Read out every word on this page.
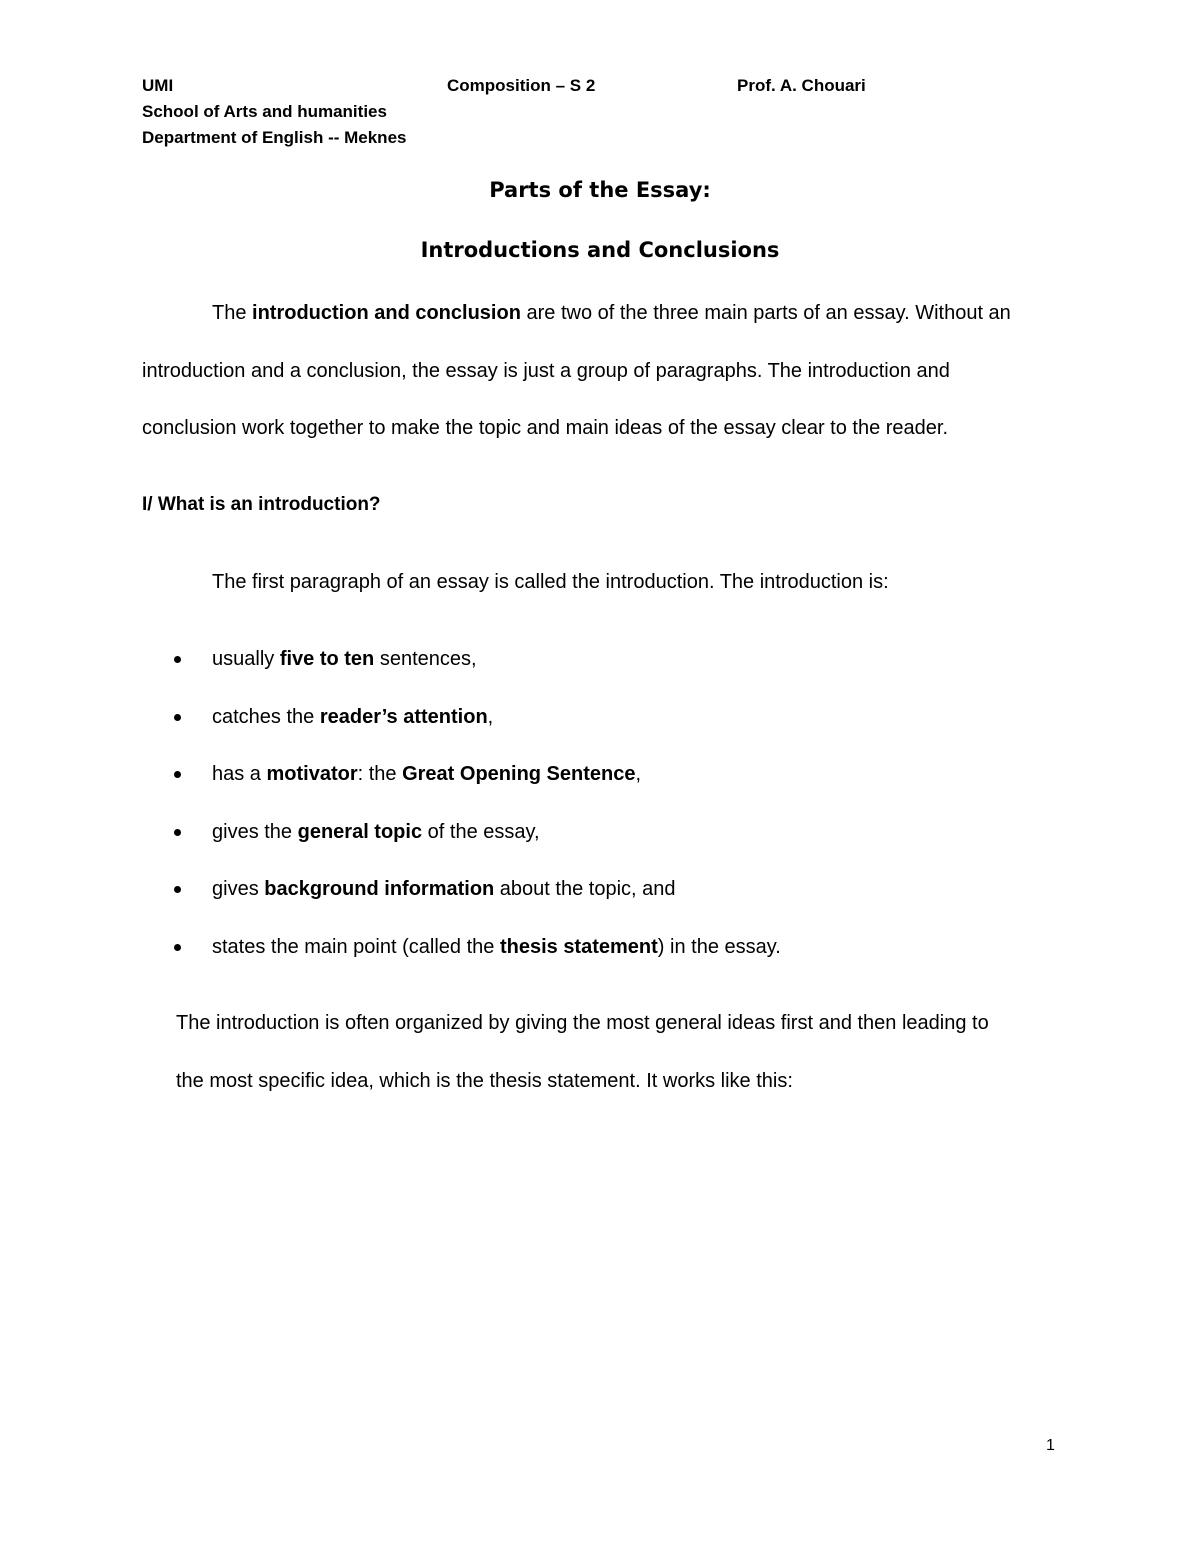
UMI	Composition – S 2	Prof. A. Chouari
School of Arts and humanities
Department of English -- Meknes
Parts of the Essay:
Introductions and Conclusions
The introduction and conclusion are two of the three main parts of an essay. Without an
introduction and a conclusion, the essay is just a group of paragraphs. The introduction and
conclusion work together to make the topic and main ideas of the essay clear to the reader.
I/ What is an introduction?
The first paragraph of an essay is called the introduction. The introduction is:
usually five to ten sentences,
catches the reader’s attention,
has a motivator: the Great Opening Sentence,
gives the general topic of the essay,
gives background information about the topic, and
states the main point (called the thesis statement) in the essay.
The introduction is often organized by giving the most general ideas first and then leading to
the most specific idea, which is the thesis statement. It works like this:
1
